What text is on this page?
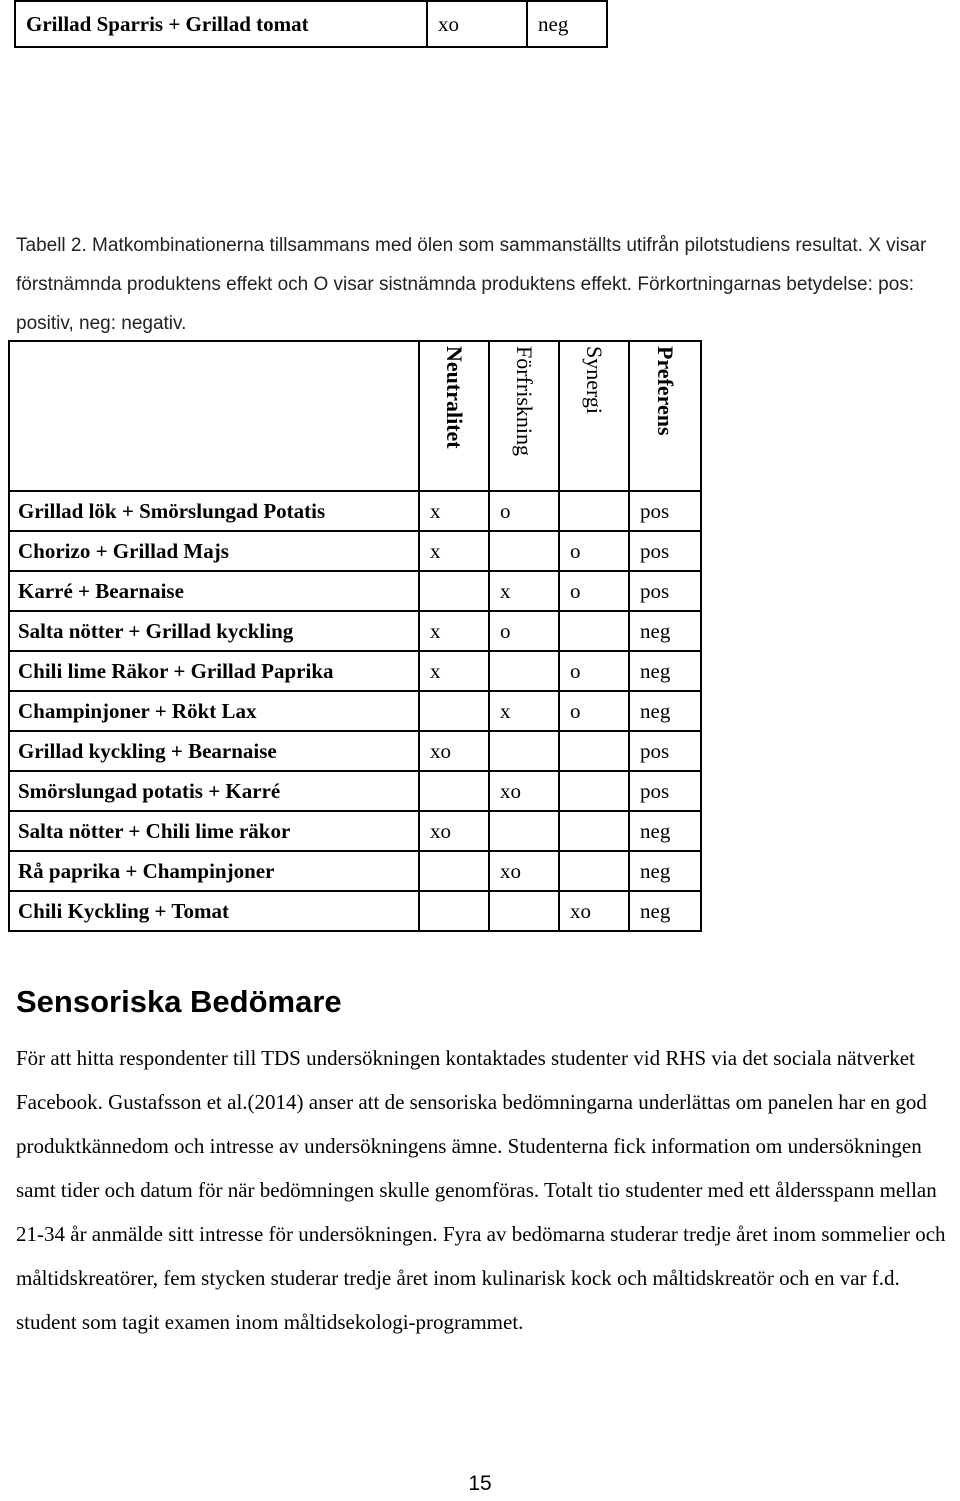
Grillad Sparris + Grillad tomat	xo	neg
Tabell 2. Matkombinationerna tillsammans med ölen som sammanställts utifrån pilotstudiens resultat. X visar förstnämnda produktens effekt och O visar sistnämnda produktens effekt. Förkortningarnas betydelse: pos: positiv, neg: negativ.

	Neutralitet	Förfriskning	Synergi	Preferens

Grillad lök + Smörslungad Potatis	x	o		pos
Chorizo + Grillad Majs	x		o	pos
Karré + Bearnaise		x	o	pos
Salta nötter + Grillad kyckling	x	o		neg
Chili lime Räkor + Grillad Paprika	x		o	neg
Champinjoner + Rökt Lax		x	o	neg
Grillad kyckling + Bearnaise	xo			pos
Smörslungad potatis + Karré		xo		pos
Salta nötter + Chili lime räkor	xo			neg
Rå paprika + Champinjoner		xo		neg
Chili Kyckling + Tomat			xo	neg
Sensoriska Bedömare
För att hitta respondenter till TDS undersökningen kontaktades studenter vid RHS via det sociala nätverket Facebook. Gustafsson et al.(2014) anser att de sensoriska bedömningarna underlättas om panelen har en god produktkännedom och intresse av undersökningens ämne. Studenterna fick information om undersökningen samt tider och datum för när bedömningen skulle genomföras. Totalt tio studenter med ett åldersspann mellan 21-34 år anmälde sitt intresse för undersökningen. Fyra av bedömarna studerar tredje året inom sommelier och måltidskreatörer, fem stycken studerar tredje året inom kulinarisk kock och måltidskreatör och en var f.d. student som tagit examen inom måltidsekologi-programmet.
15
